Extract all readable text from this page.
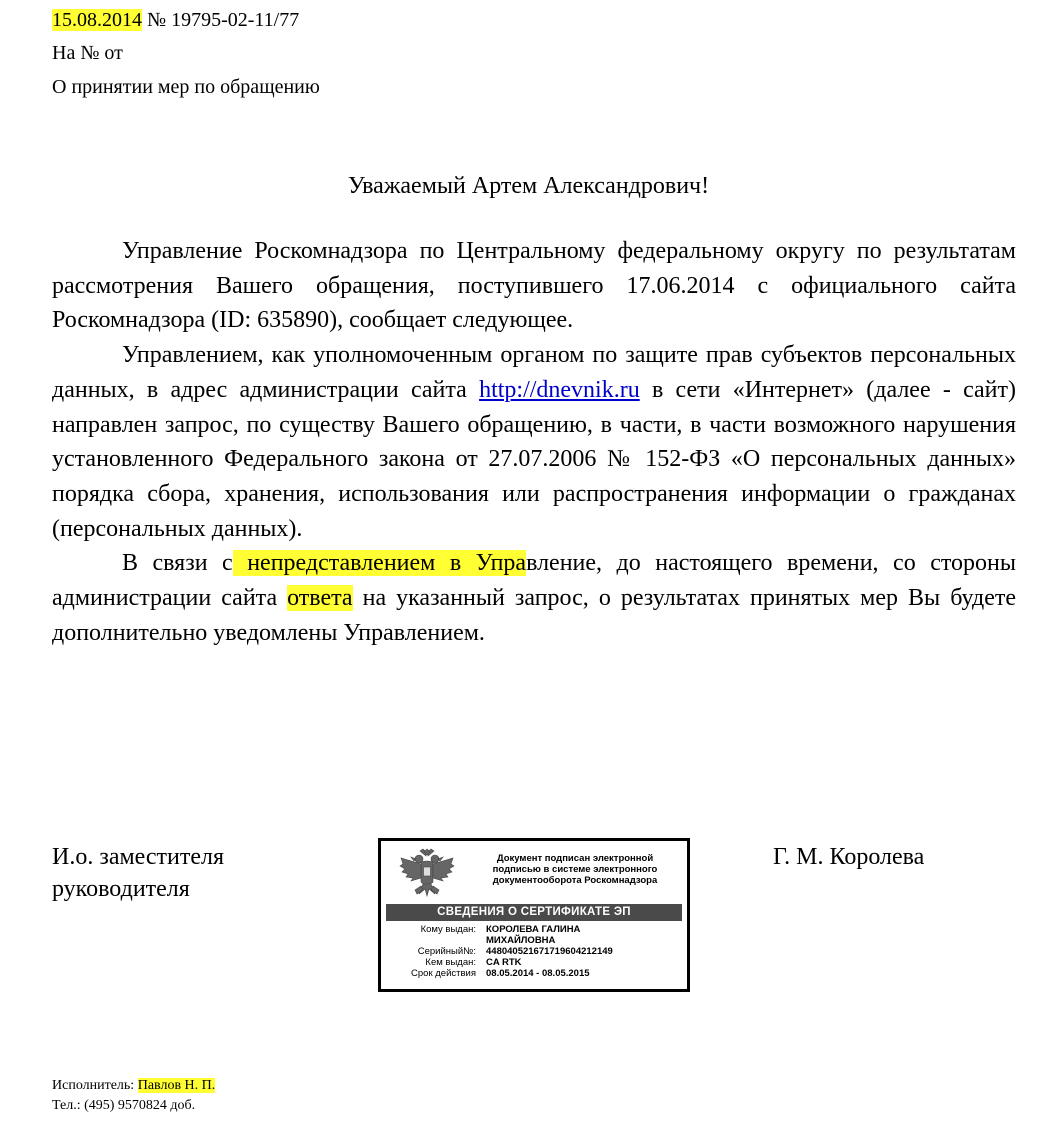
15.08.2014 № 19795-02-11/77
На № от
О принятии мер по обращению
Уважаемый Артем Александрович!

Управление Роскомнадзора по Центральному федеральному округу по результатам рассмотрения Вашего обращения, поступившего 17.06.2014 с официального сайта Роскомнадзора (ID: 635890), сообщает следующее.

Управлением, как уполномоченным органом по защите прав субъектов персональных данных, в адрес администрации сайта http://dnevnik.ru в сети «Интернет» (далее - сайт) направлен запрос, по существу Вашего обращению, в части, в части возможного нарушения установленного Федерального закона от 27.07.2006 № 152-ФЗ «О персональных данных» порядка сбора, хранения, использования или распространения информации о гражданах (персональных данных).

В связи с непредставлением в Управление, до настоящего времени, со стороны администрации сайта ответа на указанный запрос, о результатах принятых мер Вы будете дополнительно уведомлены Управлением.

И.о. заместителя
руководителя
Г. М. Королева
Документ подписан электронной
подписью в системе электронного
документооборота Роскомнадзора
СВЕДЕНИЯ О СЕРТИФИКАТЕ ЭП
Кому выдан:	КОРОЛЕВА ГАЛИНА
МИХАЙЛОВНА
Серийный№:	4480405216717196042121​49
Кем выдан:	CA RTK
Срок действия	08.05.2014 - 08.05.2015
Исполнитель: Павлов Н. П.
Тел.: (495) 9570824 доб.
